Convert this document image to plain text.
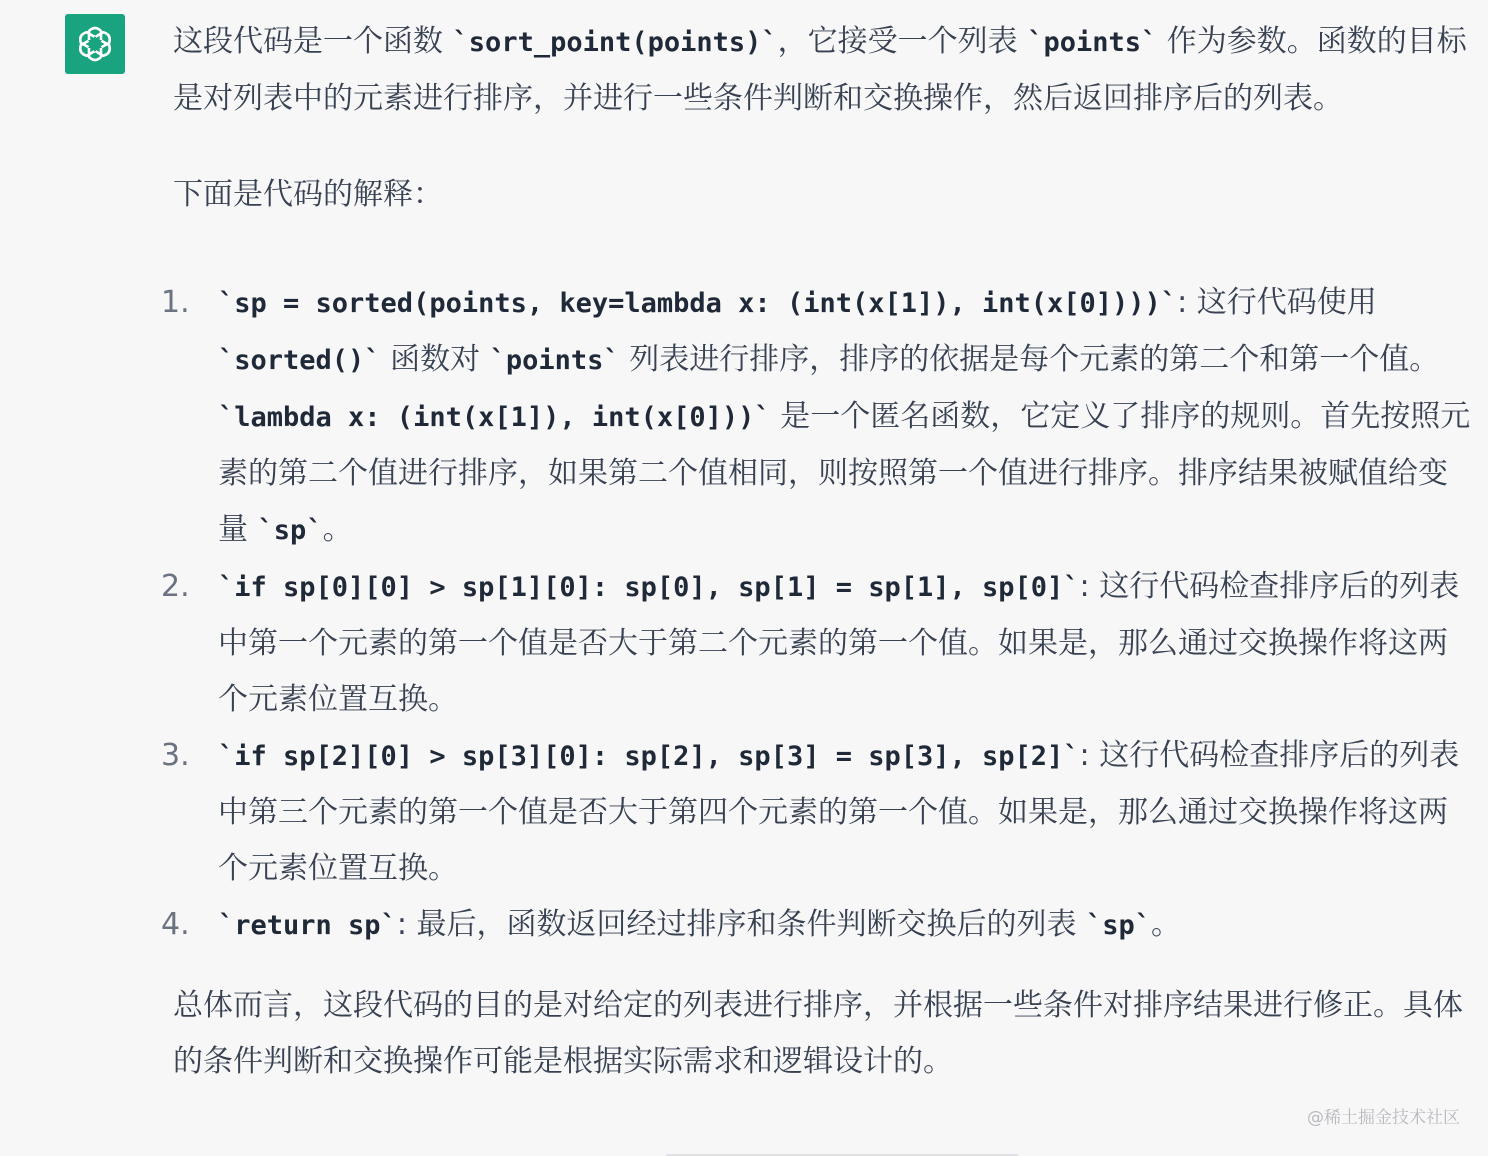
这段代码是一个函数 `sort_point(points)`，它接受一个列表 `points` 作为参数。函数的目标是对列表中的元素进行排序，并进行一些条件判断和交换操作，然后返回排序后的列表。

下面是代码的解释：

1.	`sp = sorted(points, key=lambda x: (int(x[1]), int(x[0])))`: 这行代码使用 `sorted()` 函数对 `points` 列表进行排序，排序的依据是每个元素的第二个和第一个值。`lambda x: (int(x[1]), int(x[0]))` 是一个匿名函数，它定义了排序的规则。首先按照元素的第二个值进行排序，如果第二个值相同，则按照第一个值进行排序。排序结果被赋值给变量 `sp`。
2.	`if sp[0][0] > sp[1][0]: sp[0], sp[1] = sp[1], sp[0]`: 这行代码检查排序后的列表中第一个元素的第一个值是否大于第二个元素的第一个值。如果是，那么通过交换操作将这两个元素位置互换。
3.	`if sp[2][0] > sp[3][0]: sp[2], sp[3] = sp[3], sp[2]`: 这行代码检查排序后的列表中第三个元素的第一个值是否大于第四个元素的第一个值。如果是，那么通过交换操作将这两个元素位置互换。
4.	`return sp`: 最后，函数返回经过排序和条件判断交换后的列表 `sp`。

总体而言，这段代码的目的是对给定的列表进行排序，并根据一些条件对排序结果进行修正。具体的条件判断和交换操作可能是根据实际需求和逻辑设计的。

@稀土掘金技术社区
